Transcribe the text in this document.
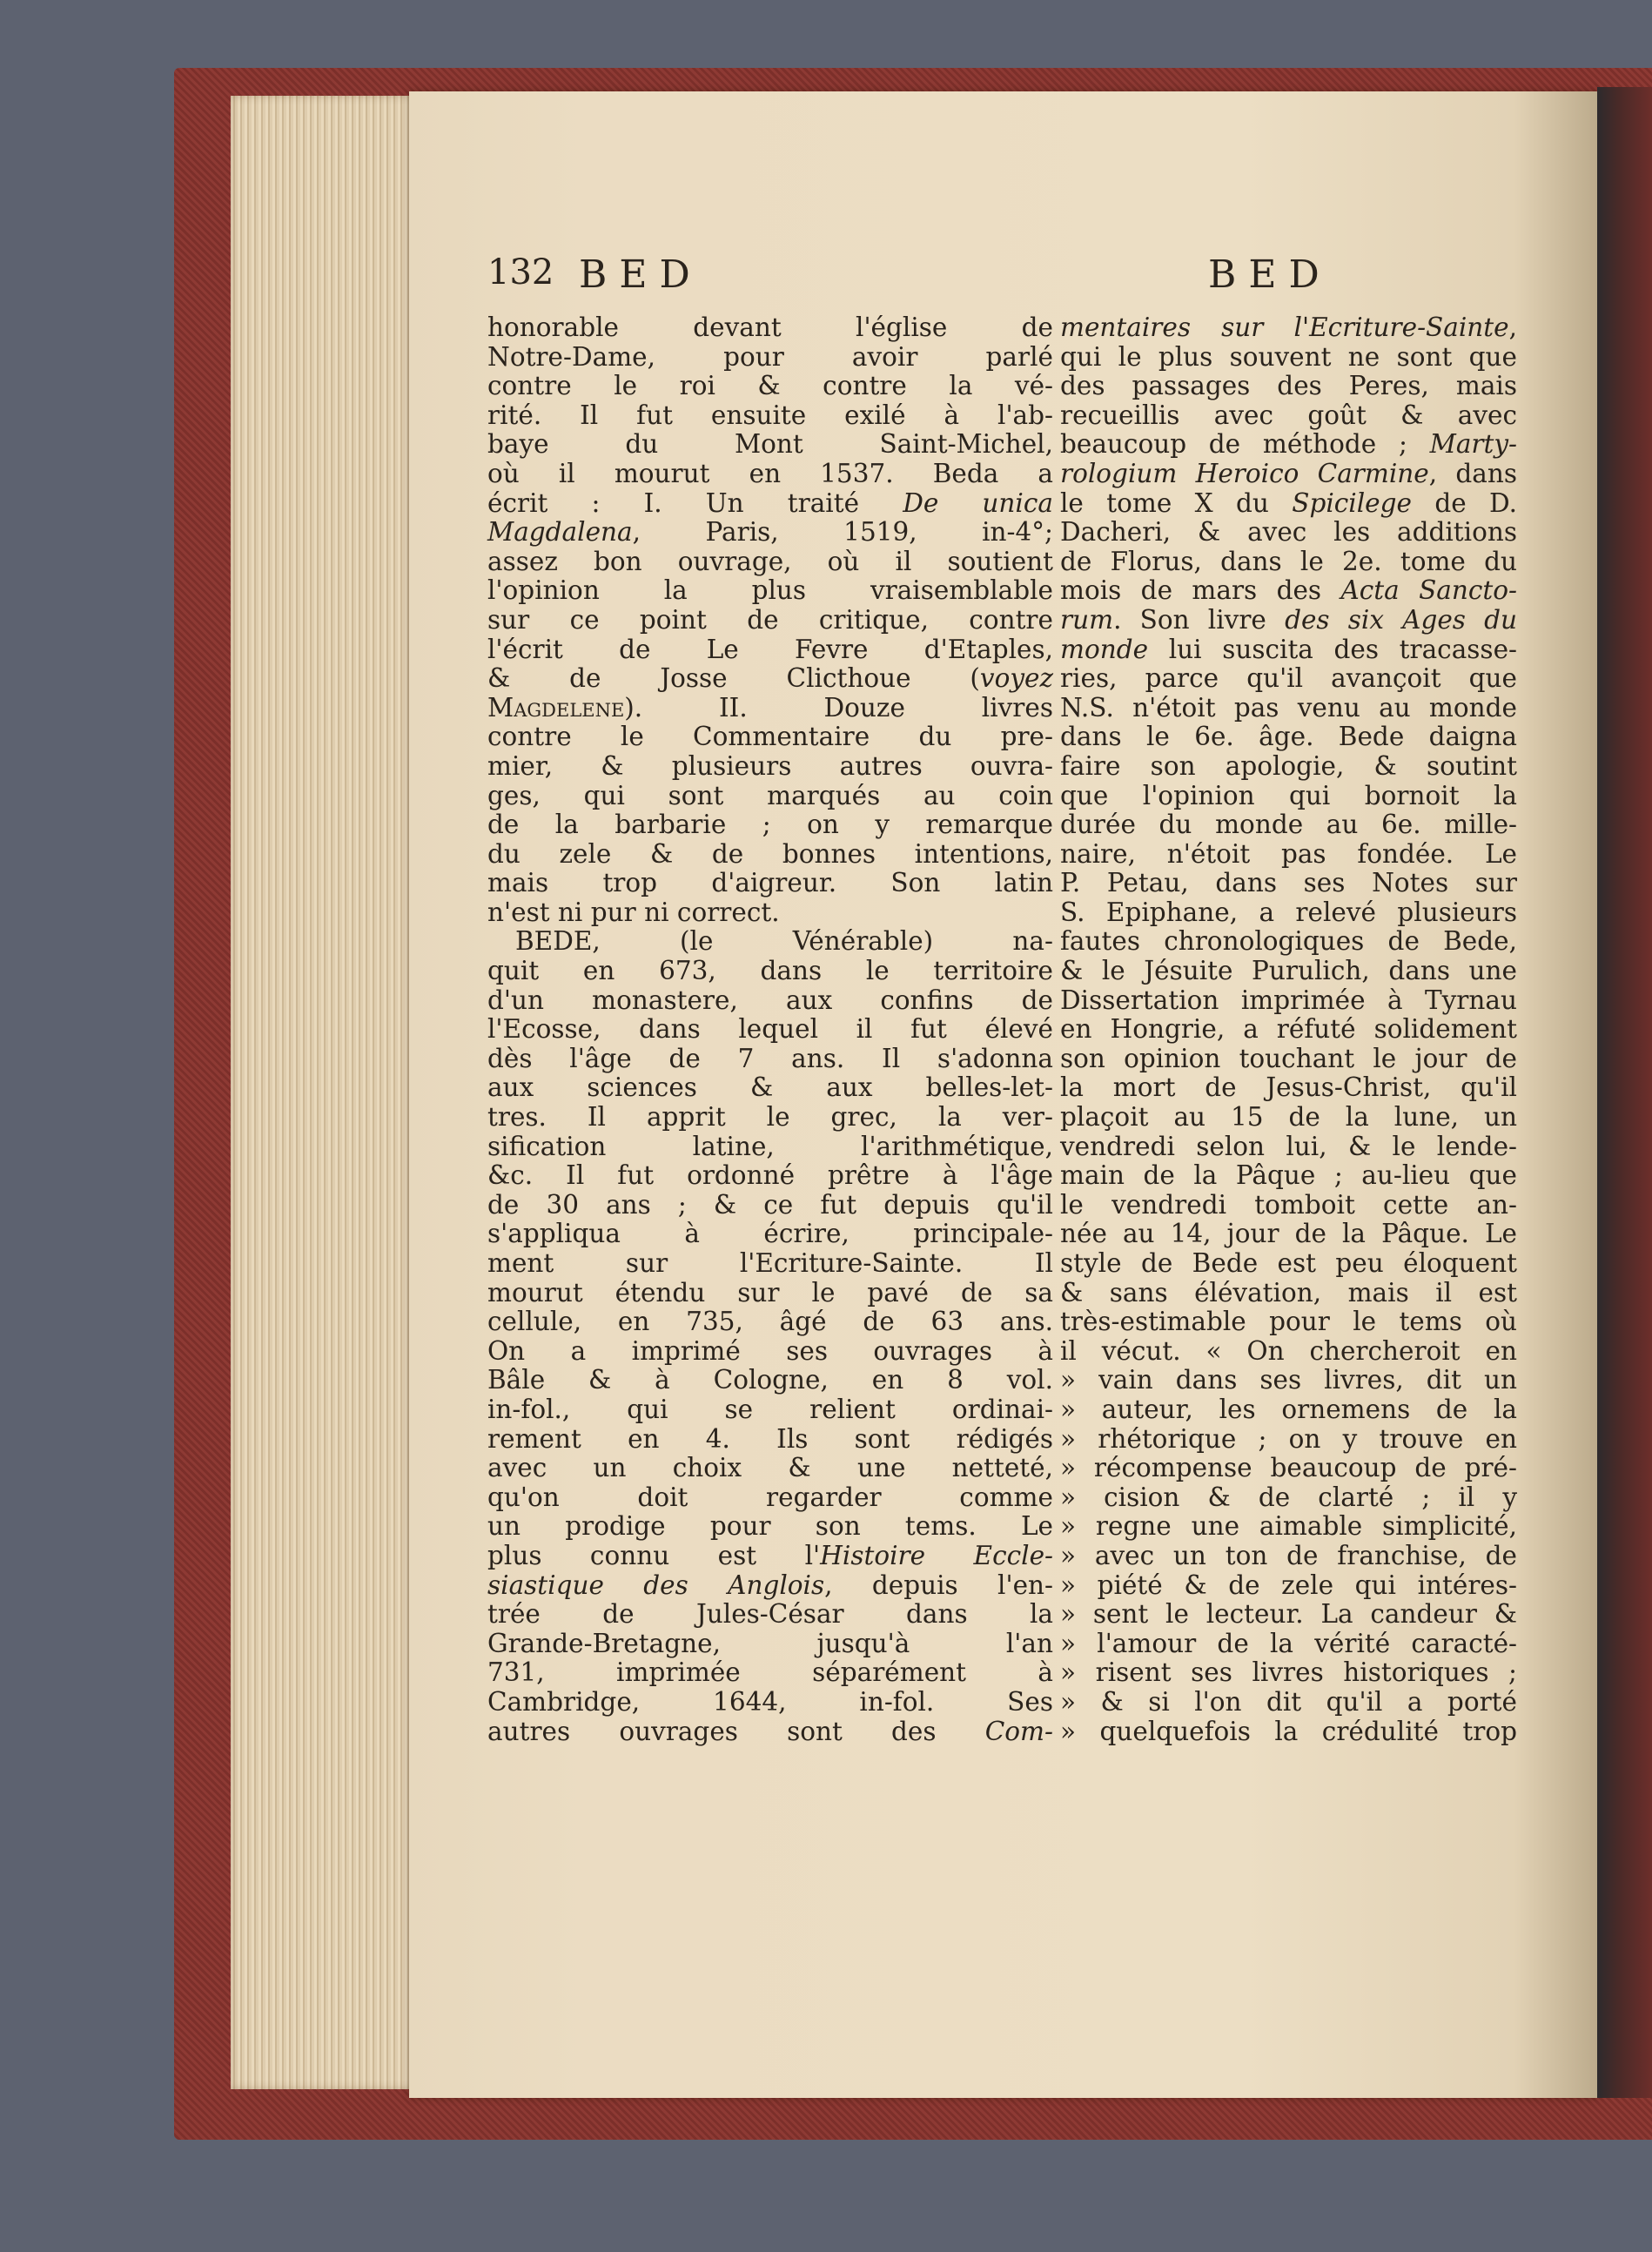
132 BED	BED

honorable devant l'église de

Notre-Dame, pour avoir parlé

contre le roi & contre la vé-

rité. Il fut ensuite exilé à l'ab-

baye du Mont Saint-Michel,

où il mourut en 1537. Beda a

écrit : I. Un traité De unica

Magdalena, Paris, 1519, in-4°;

assez bon ouvrage, où il soutient

l'opinion la plus vraisemblable

sur ce point de critique, contre

l'écrit de Le Fevre d'Etaples,

& de Josse Clicthoue (voyez

Magdelene). II. Douze livres

contre le Commentaire du pre-

mier, & plusieurs autres ouvra-

ges, qui sont marqués au coin

de la barbarie ; on y remarque

du zele & de bonnes intentions,

mais trop d'aigreur. Son latin

n'est ni pur ni correct.

BEDE, (le Vénérable) na-

quit en 673, dans le territoire

d'un monastere, aux confins de

l'Ecosse, dans lequel il fut élevé

dès l'âge de 7 ans. Il s'adonna

aux sciences & aux belles-let-

tres. Il apprit le grec, la ver-

sification latine, l'arithmétique,

&c. Il fut ordonné prêtre à l'âge

de 30 ans ; & ce fut depuis qu'il

s'appliqua à écrire, principale-

ment sur l'Ecriture-Sainte. Il

mourut étendu sur le pavé de sa

cellule, en 735, âgé de 63 ans.

On a imprimé ses ouvrages à

Bâle & à Cologne, en 8 vol.

in-fol., qui se relient ordinai-

rement en 4. Ils sont rédigés

avec un choix & une netteté,

qu'on doit regarder comme

un prodige pour son tems. Le

plus connu est l'Histoire Eccle-

siastique des Anglois, depuis l'en-

trée de Jules-César dans la

Grande-Bretagne, jusqu'à l'an

731, imprimée séparément à

Cambridge, 1644, in-fol. Ses

autres ouvrages sont des Com-

mentaires sur l'Ecriture-Sainte,

qui le plus souvent ne sont que

des passages des Peres, mais

recueillis avec goût & avec

beaucoup de méthode ; Marty-

rologium Heroico Carmine, dans

le tome X du Spicilege de D.

Dacheri, & avec les additions

de Florus, dans le 2e. tome du

mois de mars des Acta Sancto-

rum. Son livre des six Ages du

monde lui suscita des tracasse-

ries, parce qu'il avançoit que

N.S. n'étoit pas venu au monde

dans le 6e. âge. Bede daigna

faire son apologie, & soutint

que l'opinion qui bornoit la

durée du monde au 6e. mille-

naire, n'étoit pas fondée. Le

P. Petau, dans ses Notes sur

S. Epiphane, a relevé plusieurs

fautes chronologiques de Bede,

& le Jésuite Purulich, dans une

Dissertation imprimée à Tyrnau

en Hongrie, a réfuté solidement

son opinion touchant le jour de

la mort de Jesus-Christ, qu'il

plaçoit au 15 de la lune, un

vendredi selon lui, & le lende-

main de la Pâque ; au-lieu que

le vendredi tomboit cette an-

née au 14, jour de la Pâque. Le

style de Bede est peu éloquent

& sans élévation, mais il est

très-estimable pour le tems où

il vécut. « On chercheroit en

» vain dans ses livres, dit un

» auteur, les ornemens de la

» rhétorique ; on y trouve en

» récompense beaucoup de pré-

» cision & de clarté ; il y

» regne une aimable simplicité,

» avec un ton de franchise, de

» piété & de zele qui intéres-

» sent le lecteur. La candeur &

» l'amour de la vérité caracté-

» risent ses livres historiques ;

» & si l'on dit qu'il a porté

» quelquefois la crédulité trop
